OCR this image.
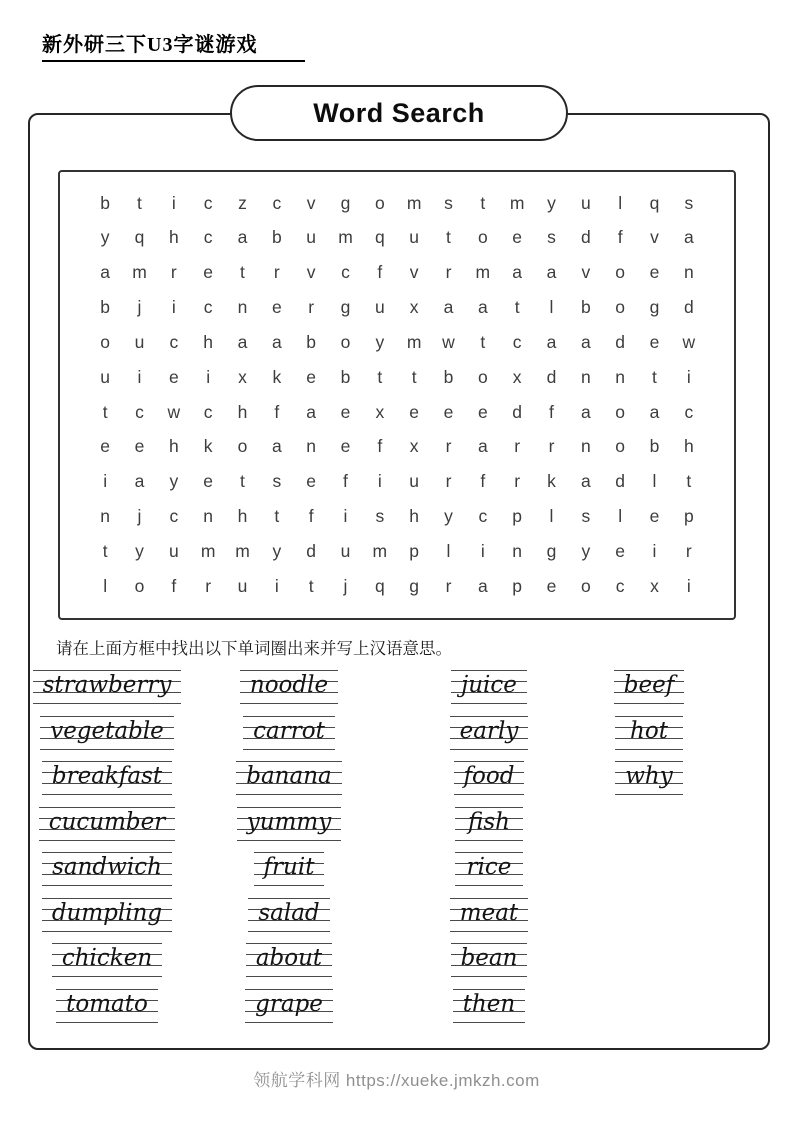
新外研三下U3字谜游戏
Word Search
b t i c z c v g o m s t m y u l q s
y q h c a b u m q u t o e s d f v a
a m r e t r v c f v r m a a v o e n
b j i c n e r g u x a a t l b o g d
o u c h a a b o y m w t c a a d e w
u i e i x k e b t t b o x d n n t i
t c w c h f a e x e e e d f a o a c
e e h k o a n e f x r a r r n o b h
i a y e t s e f i u r f r k a d l t
n j c n h t f i s h y c p l s l e p
t y u m m y d u m p l i n g y e i r
l o f r u i t j q g r a p e o c x i

请在上面方框中找出以下单词圈出来并写上汉语意思。

strawberry
vegetable
breakfast
cucumber
sandwich
dumpling
chicken
tomato
noodle
carrot
banana
yummy
fruit
salad
about
grape
juice
early
food
fish
rice
meat
bean
then
beef
hot
why
领航学科网 https://xueke.jmkzh.com
